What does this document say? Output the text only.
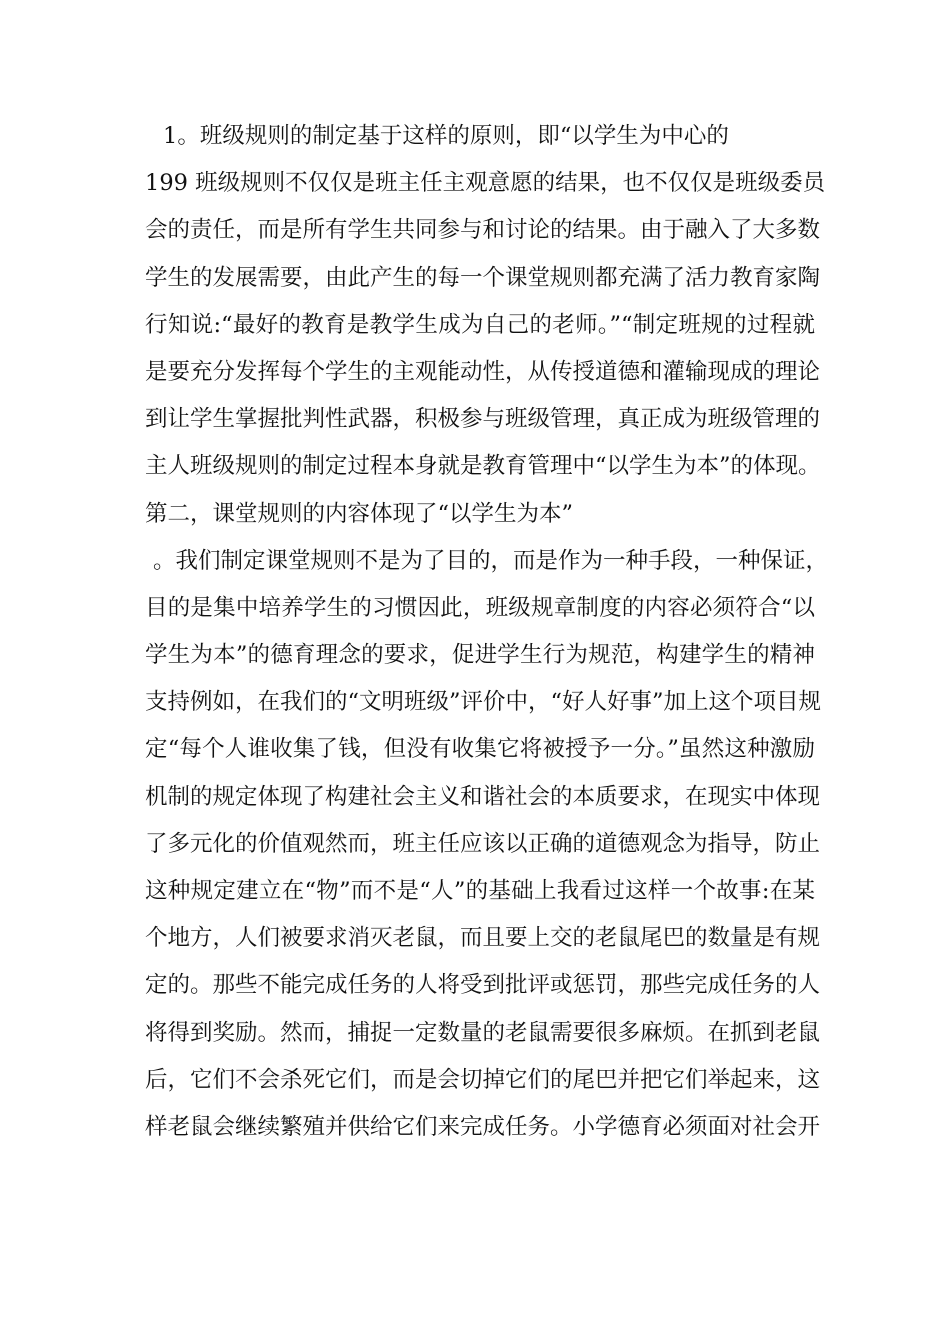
1。班级规则的制定基于这样的原则，即“以学生为中心的
199 班级规则不仅仅是班主任主观意愿的结果，也不仅仅是班级委员
会的责任，而是所有学生共同参与和讨论的结果。由于融入了大多数
学生的发展需要，由此产生的每一个课堂规则都充满了活力教育家陶
行知说:“最好的教育是教学生成为自己的老师。”“制定班规的过程就
是要充分发挥每个学生的主观能动性，从传授道德和灌输现成的理论
到让学生掌握批判性武器，积极参与班级管理，真正成为班级管理的
主人班级规则的制定过程本身就是教育管理中“以学生为本”的体现。
第二，课堂规则的内容体现了“以学生为本”
。我们制定课堂规则不是为了目的，而是作为一种手段，一种保证，
目的是集中培养学生的习惯因此，班级规章制度的内容必须符合“以
学生为本”的德育理念的要求，促进学生行为规范，构建学生的精神
支持例如，在我们的“文明班级”评价中，“好人好事”加上这个项目规
定“每个人谁收集了钱，但没有收集它将被授予一分。”虽然这种激励
机制的规定体现了构建社会主义和谐社会的本质要求，在现实中体现
了多元化的价值观然而，班主任应该以正确的道德观念为指导，防止
这种规定建立在“物”而不是“人”的基础上我看过这样一个故事:在某
个地方，人们被要求消灭老鼠，而且要上交的老鼠尾巴的数量是有规
定的。那些不能完成任务的人将受到批评或惩罚，那些完成任务的人
将得到奖励。然而，捕捉一定数量的老鼠需要很多麻烦。在抓到老鼠
后，它们不会杀死它们，而是会切掉它们的尾巴并把它们举起来，这
样老鼠会继续繁殖并供给它们来完成任务。小学德育必须面对社会开
